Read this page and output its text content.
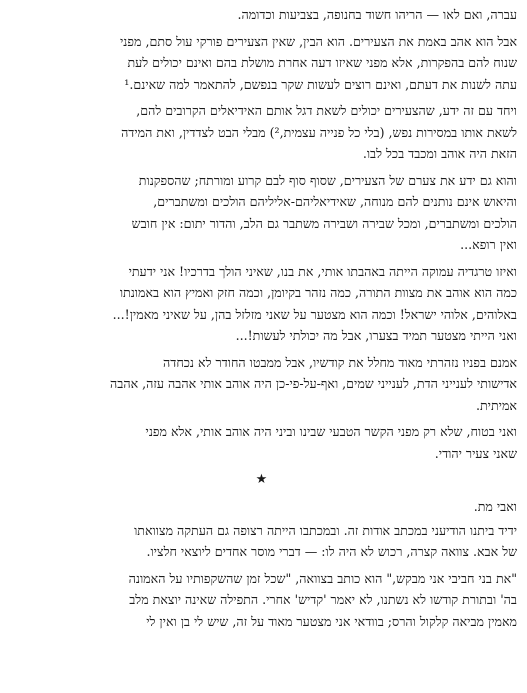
עברה, ואם לאו — הריהו חשוד בחנופה, בצביעות וכדומה.

אבל הוא אהב באמת את הצעירים. הוא הבין, שאין הצעירים פורקי עול סתם, מפני
שנוח להם בהפקרות, אלא מפני שאיזו דעה אחרת מושלת בהם ואינם יכולים לעת
עתה לשנות את דעתם, ואינם רוצים לעשות שקר בנפשם, להתאמר למה שאינם.¹

ויחד עם זה ידע, שהצעירים יכולים לשאת דגל אותם האידיאלים הקרובים להם,
לשאת אותו במסירות נפש, (בלי כל פנייה עצמית,²) מבלי הבט לצדדין, ואת המידה
הזאת היה אוהב ומכבד בכל לבו.

והוא גם ידע את צערם של הצעירים, שסוף סוף לבם קרוע ומורתח; שהספקנות
והיאוש אינם נותנים להם מנוחה, שאידיאליהם-אליליהם הולכים ומשתברים,
הולכים ומשתברים, ומכל שבירה ושבירה משתבר גם הלב, והדור יתום: אין חובש
ואין רופא...

ואיזו טרגדיה עמוקה הייתה באהבתו אותי, את בנו, שאיני הולך בדרכיו! אני ידעתי
כמה הוא אוהב את מצוות התורה, כמה נזהר בקיומן, וכמה חזק ואמיץ הוא באמונתו
באלוהים, אלוהי ישראל! וכמה הוא מצטער על שאני מזלזל בהן, על שאיני מאמין!...
ואני הייתי מצטער תמיד בצערו, אבל מה יכולתי לעשות!...

אמנם בפניו נזהרתי מאוד מחלל את קודשיו, אבל ממבטו החודר לא נכחדה
אדישותי לענייני הדת, לענייני שמים, ואף-על-פי-כן היה אוהב אותי אהבה עזה, אהבה
אמיתית.

ואני בטוח, שלא רק מפני הקשר הטבעי שבינו וביני היה אוהב אותי, אלא מפני
שאני צעיר יהודי.

★

ואבי מת.

ידיד ביתנו הודיעני במכתב אודות זה. ובמכתבו הייתה רצופה גם העתקה מצוואתו
של אבא. צוואה קצרה, רכוש לא היה לו: — דברי מוסר אחדים ליוצאי חלציו.

"את בני חביבי אני מבקש," הוא כותב בצוואה, "שכל זמן שהשקפותיו על האמונה
בה' ובתורת קודשו לא נשתנו, לא יאמר 'קדיש' אחרי. התפילה שאינה יוצאת מלב
מאמין מביאה קלקול והרס; בוודאי אני מצטער מאוד על זה, שיש לי בן ואין לי
